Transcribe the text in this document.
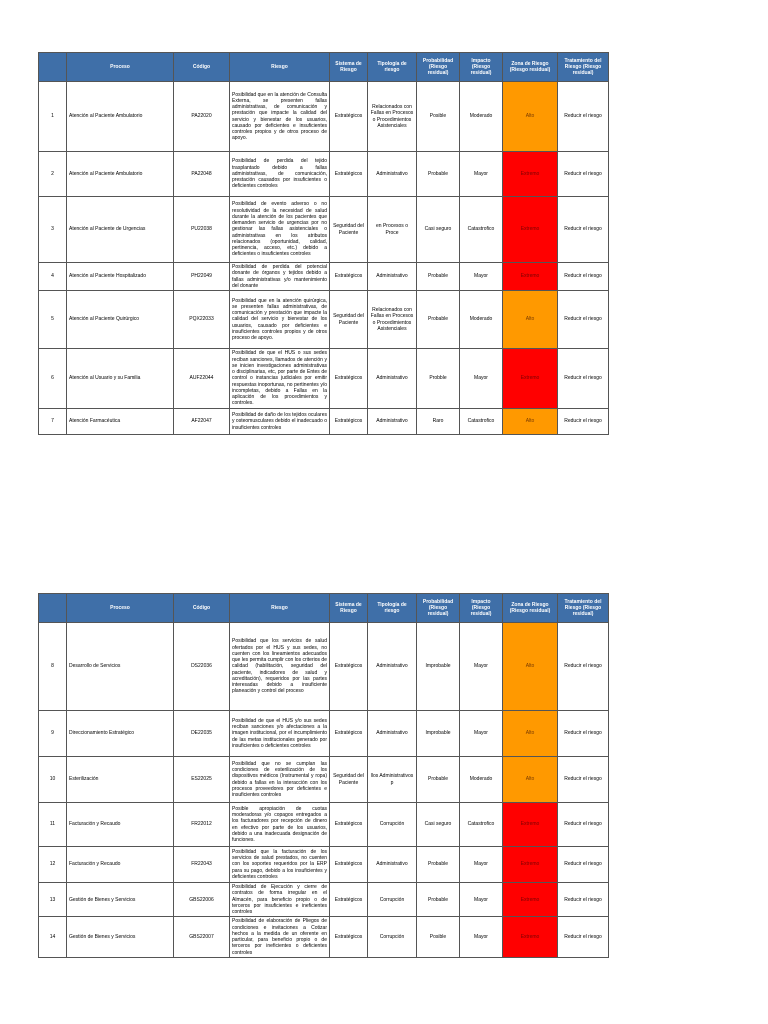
	Proceso	Código	Riesgo	Sistema de Riesgo	Tipología de riesgo	Probabilidad (Riesgo residual)	Impacto (Riesgo residual)	Zona de Riesgo (Riesgo residual)	Tratamiento del Riesgo (Riesgo residual)
1	Atención al Paciente Ambulatorio	PA22020	Posibilidad que en la atención de Consulta Externa, se presenten fallas administrativas, de comunicación y prestación que impacte la calidad del servicio y bienestar de los usuarios, causado por deficientes e insuficientes controles propios y de otros proceso de apoyo.	Estratégicos	Relacionados con Fallas en Procesos o Procedimientos Asistenciales	Posible	Moderado	Alto	Reducir el riesgo
2	Atención al Paciente Ambulatorio	PA22048	Posibilidad de perdida del tejido trasplantado debido a fallas administrativas, de comunicación, prestación causados por insuficientes o deficientes controles	Estratégicos	Administrativo	Probable	Mayor	Extremo	Reducir el riesgo
3	Atención al Paciente de Urgencias	PU22038	Posibilidad de evento adverso o no resolutividad de la necesidad de salud durante la atención de los pacientes que demanden servicio de urgencias por no gestionar las fallas asistenciales o administrativas en los atributos relacionados (oportunidad, calidad, pertinencia, acceso, etc.) debido a deficientes o insuficientes controles	Seguridad del Paciente	en Procesos o Proce	Casi seguro	Catastrofico	Extremo	Reducir el riesgo
4	Atención al Paciente Hospitalizado	PH22049	Posibilidad de perdida del potencial donante de órganos y tejidos debido a fallas administrativas y/o mantenimiento del donante	Estratégicos	Administrativo	Probable	Mayor	Extremo	Reducir el riesgo
5	Atención al Paciente Quirúrgico	PQX22033	Posibilidad que en la atención quirúrgica, se presenten fallas administrativas, de comunicación y prestación que impacte la calidad del servicio y bienestar de los usuarios, causado por deficientes e insuficientes controles propios y de otros proceso de apoyo.	Seguridad del Paciente	Relacionados con Fallas en Procesos o Procedimientos Asistenciales	Probable	Moderado	Alto	Reducir el riesgo
6	Atención al Usuario y su Familia	AUF22044	Posibilidad de que el HUS o sus sedes reciban sanciones, llamados de atención y se inicien investigaciones administrativas o disciplinarias, etc, por parte de Entes de control o instancias judiciales por emitir respuestas inoportunas, no pertinentes y/o incompletas, debido a Fallas en la aplicación de los procedimientos y controles.	Estratégicos	Administrativo	Probble	Mayor	Extremo	Reducir el riesgo
7	Atención Farmacéutica	AF22047	Posibilidad de daño de los tejidos oculares y osteomusculares debido el inadecuado o insuficientes controles	Estratégicos	Administrativo	Raro	Catastrofico	Alto	Reducir el riesgo
	Proceso	Código	Riesgo	Sistema de Riesgo	Tipología de riesgo	Probabilidad (Riesgo residual)	Impacto (Riesgo residual)	Zona de Riesgo (Riesgo residual)	Tratamiento del Riesgo (Riesgo residual)
8	Desarrollo de Servicios	DS22036	Posibilidad que los servicios de salud ofertados por el HUS y sus sedes, no cuenten con los lineamientos adecuados que les permita cumplir con los criterios de calidad (habilitación, seguridad del paciente, indicadores de salud y acreditación), requeridos por las partes interesadas debido a insuficiente planeación y control del proceso	Estratégicos	Administrativo	Improbable	Mayor	Alto	Reducir el riesgo
9	Direccionamiento Estratégico	DE22035	Posibilidad de que el HUS y/o sus sedes reciban sanciones y/o afectaciones a la imagen institucional, por el incumplimiento de las metas institucionales generado por insuficientes o deficientes controles	Estratégicos	Administrativo	Improbable	Mayor	Alto	Reducir el riesgo
10	Esterilización	ES22025	Posibilidad que no se cumplan las condiciones de esterilización de los dispositivos médicos (Instrumental y ropa) debido a fallas en la interacción con los procesos proveedores por deficientes e insuficientes controles	Seguridad del Paciente	llos Administrativos p	Probable	Moderado	Alto	Reducir el riesgo
11	Facturación y Recaudo	FR22012	Posible apropiación de cuotas moderadoras y/o copagos entregados a los facturadores por recepción de dinero en efectivo por parte de los usuarios, debido a una inadecuada designación de funciones.	Estratégicos	Corrupción	Casi seguro	Catastrofico	Extremo	Reducir el riesgo
12	Facturación y Recaudo	FR22043	Posibilidad que la facturación de los servicios de salud prestados, no cuenten con los soportes requeridos por la ERP para su pago, debido a los insuficientes y deficientes controles	Estratégicos	Administrativo	Probable	Mayor	Extremo	Reducir el riesgo
13	Gestión de Bienes y Servicios	GBS22006	Posibilidad de Ejecución y cierre de contratos de forma irregular en el Almacén, para beneficio propio o de terceros por insuficientes e ineficientes controles	Estratégicos	Corrupción	Probable	Mayor	Extremo	Reducir el riesgo
14	Gestión de Bienes y Servicios	GBS22007	Posibilidad de elaboración de Pliegos de condiciones e invitaciones a Cotizar hechos a la medida de un oferente en particular, para beneficio propio o de terceros por ineficientes o deficientes controles	Estratégicos	Corrupción	Posible	Mayor	Extremo	Reducir el riesgo
